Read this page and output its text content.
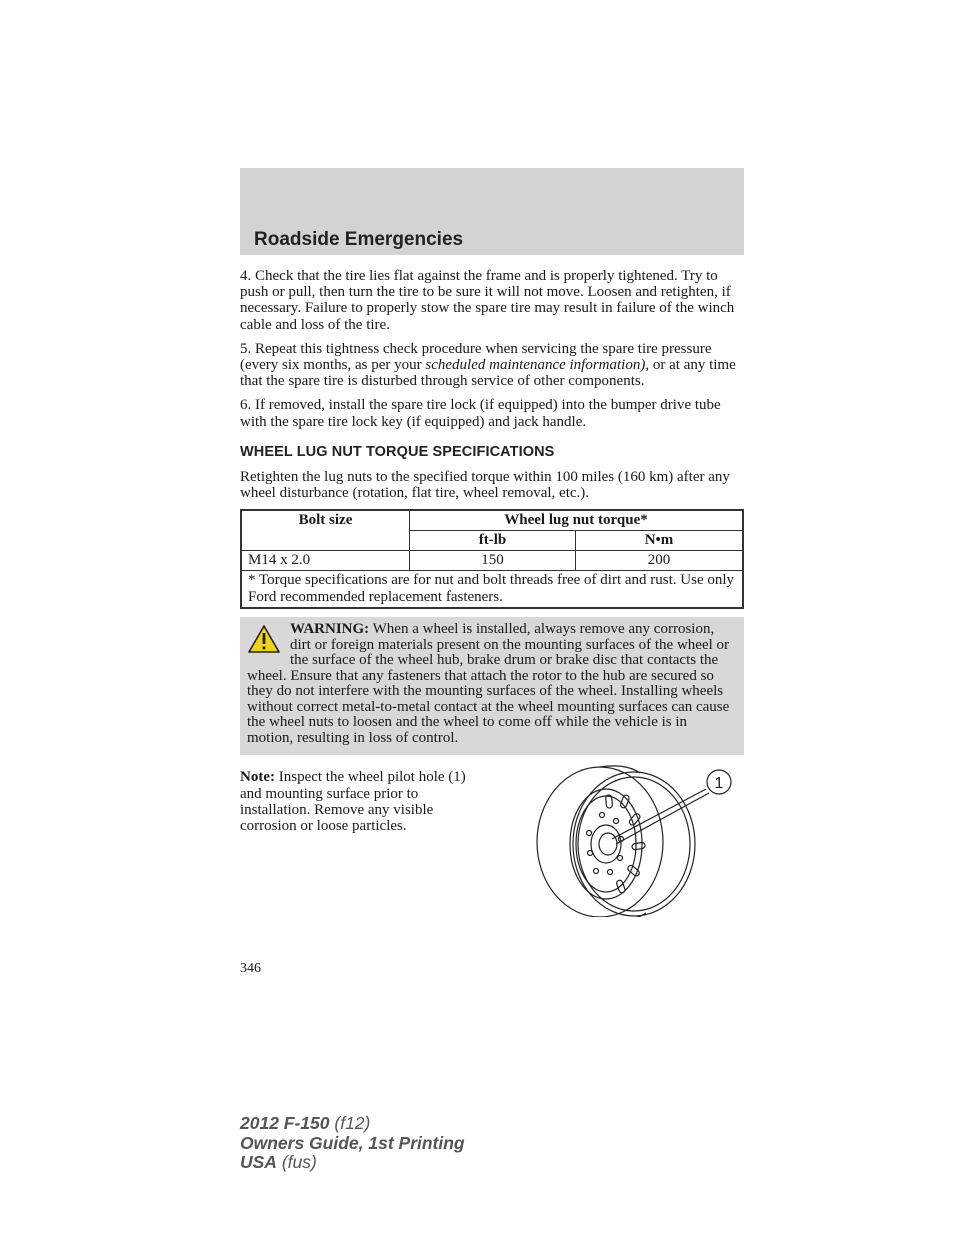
Roadside Emergencies

4. Check that the tire lies flat against the frame and is properly tightened. Try to push or pull, then turn the tire to be sure it will not move. Loosen and retighten, if necessary. Failure to properly stow the spare tire may result in failure of the winch cable and loss of the tire.

5. Repeat this tightness check procedure when servicing the spare tire pressure (every six months, as per your scheduled maintenance information), or at any time that the spare tire is disturbed through service of other components.

6. If removed, install the spare tire lock (if equipped) into the bumper drive tube with the spare tire lock key (if equipped) and jack handle.

WHEEL LUG NUT TORQUE SPECIFICATIONS

Retighten the lug nuts to the specified torque within 100 miles (160 km) after any wheel disturbance (rotation, flat tire, wheel removal, etc.).

Bolt size	Wheel lug nut torque*	
	ft-lb	N•m
M14 x 2.0	150	200
* Torque specifications are for nut and bolt threads free of dirt and rust. Use only Ford recommended replacement fasteners.		
WARNING: When a wheel is installed, always remove any corrosion, dirt or foreign materials present on the mounting surfaces of the wheel or the surface of the wheel hub, brake drum or brake disc that contacts the wheel. Ensure that any fasteners that attach the rotor to the hub are secured so they do not interfere with the mounting surfaces of the wheel. Installing wheels without correct metal-to-metal contact at the wheel mounting surfaces can cause the wheel nuts to loosen and the wheel to come off while the vehicle is in motion, resulting in loss of control.
Note: Inspect the wheel pilot hole (1) and mounting surface prior to installation. Remove any visible corrosion or loose particles.
1
346
2012 F-150 (f12)
Owners Guide, 1st Printing
USA (fus)
